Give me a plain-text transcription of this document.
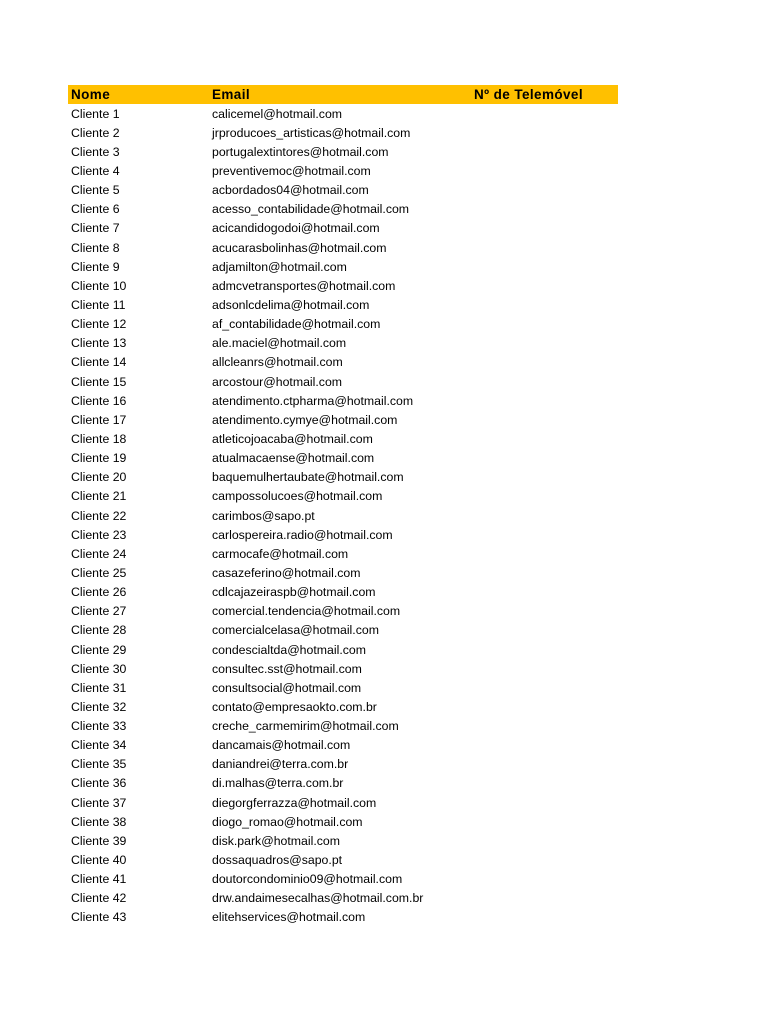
Nome	Email	Nº de Telemóvel
Cliente 1	calicemel@hotmail.com
Cliente 2	jrproducoes_artisticas@hotmail.com
Cliente 3	portugalextintores@hotmail.com
Cliente 4	preventivemoc@hotmail.com
Cliente 5	acbordados04@hotmail.com
Cliente 6	acesso_contabilidade@hotmail.com
Cliente 7	acicandidogodoi@hotmail.com
Cliente 8	acucarasbolinhas@hotmail.com
Cliente 9	adjamilton@hotmail.com
Cliente 10	admcvetransportes@hotmail.com
Cliente 11	adsonlcdelima@hotmail.com
Cliente 12	af_contabilidade@hotmail.com
Cliente 13	ale.maciel@hotmail.com
Cliente 14	allcleanrs@hotmail.com
Cliente 15	arcostour@hotmail.com
Cliente 16	atendimento.ctpharma@hotmail.com
Cliente 17	atendimento.cymye@hotmail.com
Cliente 18	atleticojoacaba@hotmail.com
Cliente 19	atualmacaense@hotmail.com
Cliente 20	baquemulhertaubate@hotmail.com
Cliente 21	campossolucoes@hotmail.com
Cliente 22	carimbos@sapo.pt
Cliente 23	carlospereira.radio@hotmail.com
Cliente 24	carmocafe@hotmail.com
Cliente 25	casazeferino@hotmail.com
Cliente 26	cdlcajazeiraspb@hotmail.com
Cliente 27	comercial.tendencia@hotmail.com
Cliente 28	comercialcelasa@hotmail.com
Cliente 29	condescialtda@hotmail.com
Cliente 30	consultec.sst@hotmail.com
Cliente 31	consultsocial@hotmail.com
Cliente 32	contato@empresaokto.com.br
Cliente 33	creche_carmemirim@hotmail.com
Cliente 34	dancamais@hotmail.com
Cliente 35	daniandrei@terra.com.br
Cliente 36	di.malhas@terra.com.br
Cliente 37	diegorgferrazza@hotmail.com
Cliente 38	diogo_romao@hotmail.com
Cliente 39	disk.park@hotmail.com
Cliente 40	dossaquadros@sapo.pt
Cliente 41	doutorcondominio09@hotmail.com
Cliente 42	drw.andaimesecalhas@hotmail.com.br
Cliente 43	elitehservices@hotmail.com
